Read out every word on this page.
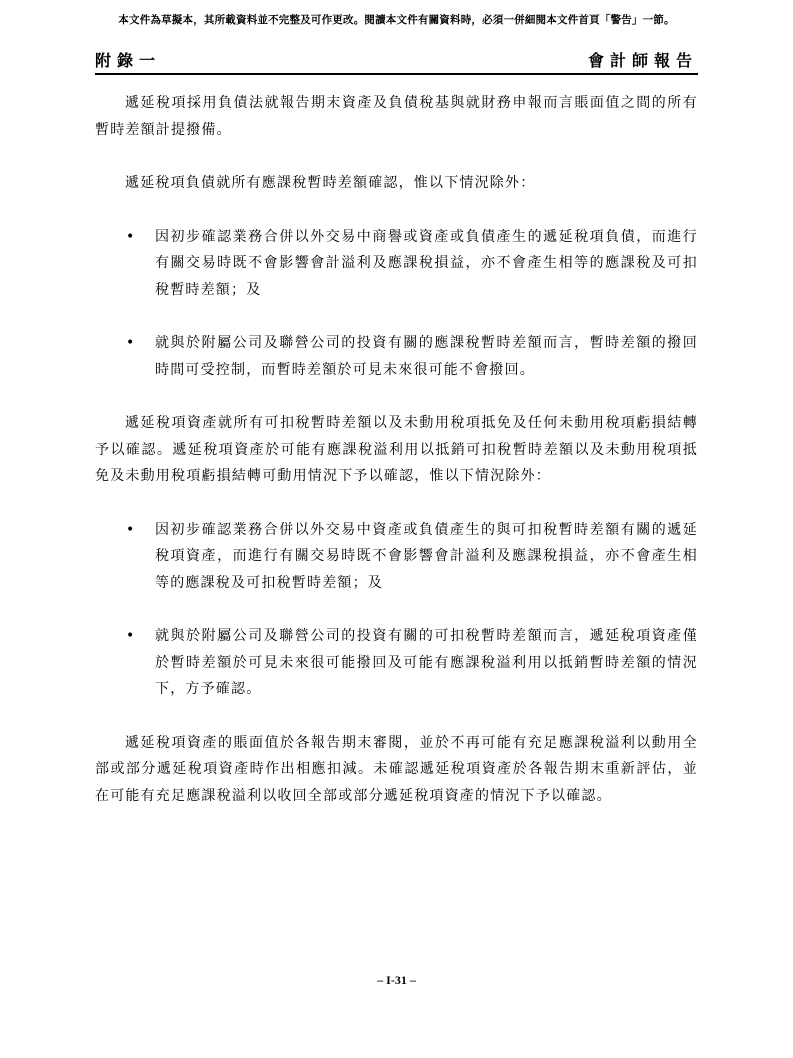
本文件為草擬本，其所載資料並不完整及可作更改。閱讀本文件有關資料時，必須一併細閱本文件首頁「警告」一節。
附錄一	會計師報告

遞延稅項採用負債法就報告期末資產及負債稅基與就財務申報而言賬面值之間的所有暫時差額計提撥備。

遞延稅項負債就所有應課稅暫時差額確認，惟以下情況除外：

• 因初步確認業務合併以外交易中商譽或資產或負債產生的遞延稅項負債，而進行有關交易時既不會影響會計溢利及應課稅損益，亦不會產生相等的應課稅及可扣稅暫時差額；及
• 就與於附屬公司及聯營公司的投資有關的應課稅暫時差額而言，暫時差額的撥回時間可受控制，而暫時差額於可見未來很可能不會撥回。

遞延稅項資產就所有可扣稅暫時差額以及未動用稅項抵免及任何未動用稅項虧損結轉予以確認。遞延稅項資產於可能有應課稅溢利用以抵銷可扣稅暫時差額以及未動用稅項抵免及未動用稅項虧損結轉可動用情況下予以確認，惟以下情況除外：

• 因初步確認業務合併以外交易中資產或負債產生的與可扣稅暫時差額有關的遞延稅項資產，而進行有關交易時既不會影響會計溢利及應課稅損益，亦不會產生相等的應課稅及可扣稅暫時差額；及
• 就與於附屬公司及聯營公司的投資有關的可扣稅暫時差額而言，遞延稅項資產僅於暫時差額於可見未來很可能撥回及可能有應課稅溢利用以抵銷暫時差額的情況下，方予確認。

遞延稅項資產的賬面值於各報告期末審閱，並於不再可能有充足應課稅溢利以動用全部或部分遞延稅項資產時作出相應扣減。未確認遞延稅項資產於各報告期末重新評估，並在可能有充足應課稅溢利以收回全部或部分遞延稅項資產的情況下予以確認。

– I-31 –
